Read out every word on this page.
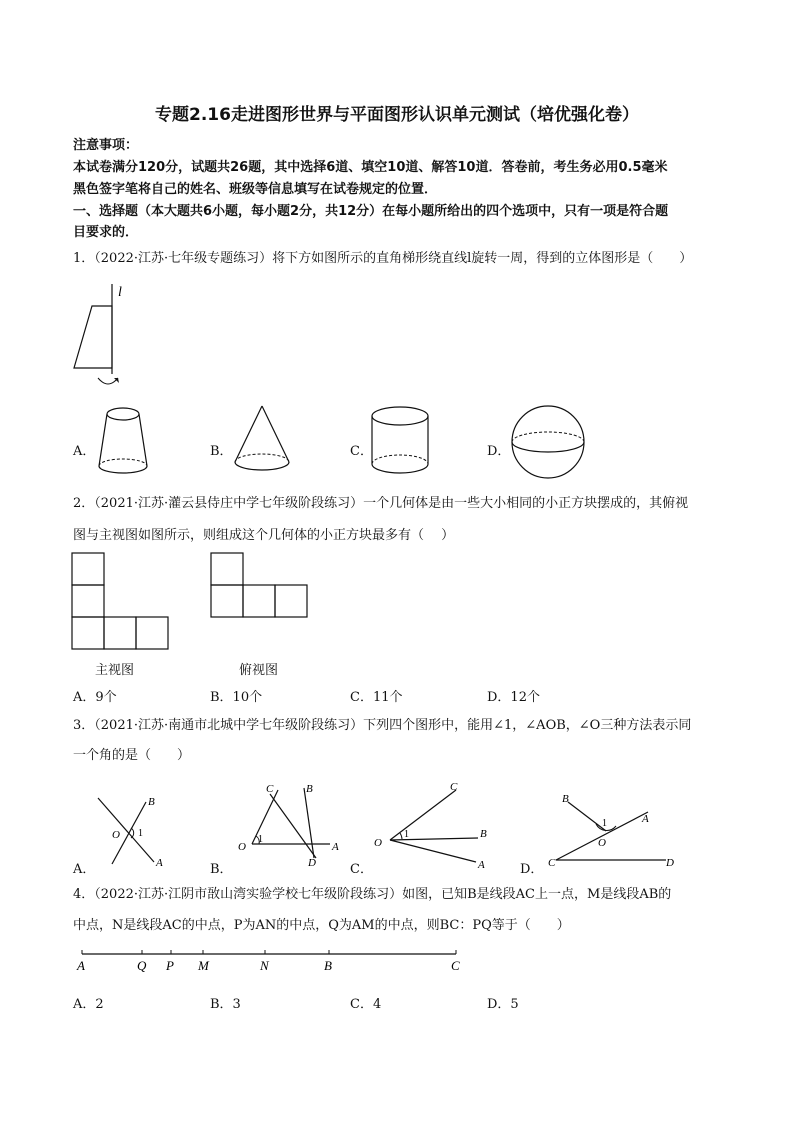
专题2.16走进图形世界与平面图形认识单元测试（培优强化卷）
注意事项：
本试卷满分120分，试题共26题，其中选择6道、填空10道、解答10道．答卷前，考生务必用0.5毫米
黑色签字笔将自己的姓名、班级等信息填写在试卷规定的位置．
一、选择题（本大题共6小题，每小题2分，共12分）在每小题所给出的四个选项中，只有一项是符合题
目要求的．
1．（2022·江苏·七年级专题练习）将下方如图所示的直角梯形绕直线l旋转一周，得到的立体图形是（　　）
l
A．	B．	C．	D．
2．（2021·江苏·灌云县侍庄中学七年级阶段练习）一个几何体是由一些大小相同的小正方块摆成的，其俯视
图与主视图如图所示，则组成这个几何体的小正方块最多有（　 ）
主视图	俯视图
A．9个	B．10个	C．11个	D．12个
3．（2021·江苏·南通市北城中学七年级阶段练习）下列四个图形中，能用∠1，∠AOB，∠O三种方法表示同
一个角的是（　　）
A．
B
O 1
A	B．
C	B
O
1
A
D	C．
C
O
1	B
A	D．
B
1
O
A
C	D
4．（2022·江苏·江阴市敔山湾实验学校七年级阶段练习）如图，已知B是线段AC上一点，M是线段AB的
中点，N是线段AC的中点，P为AN的中点，Q为AM的中点，则BC：PQ等于（　　）
A	Q P M	N	B	C
A．2	B．3	C．4	D．5
